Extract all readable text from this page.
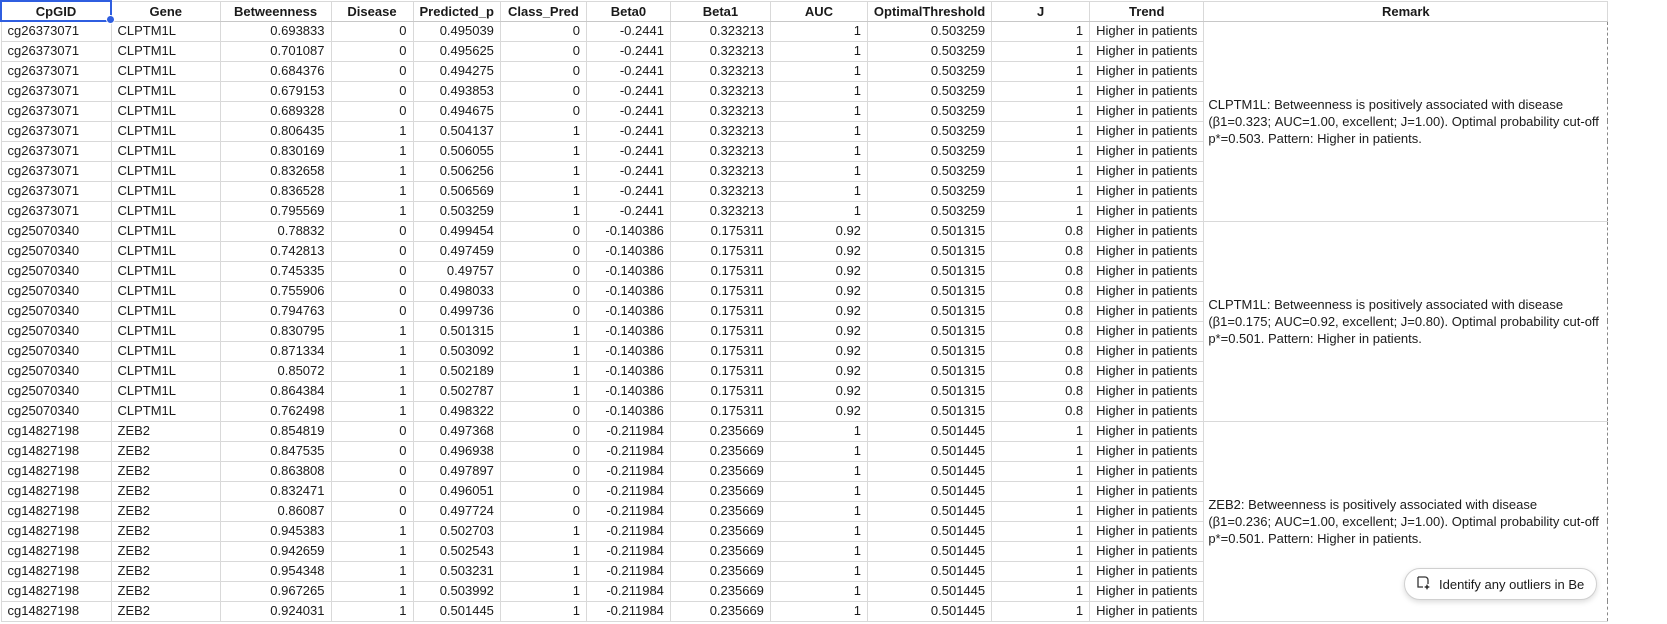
CpGID	Gene	Betweenness	Disease	Predicted_p	Class_Pred	Beta0	Beta1	AUC	OptimalThreshold	J	Trend	Remark
cg26373071	CLPTM1L	0.693833	0	0.495039	0	-0.2441	0.323213	1	0.503259	1	Higher in patients	CLPTM1L: Betweenness is positively associated with disease (β1=0.323; AUC=1.00, excellent; J=1.00). Optimal probability cut-off p*=0.503. Pattern: Higher in patients.
cg26373071	CLPTM1L	0.701087	0	0.495625	0	-0.2441	0.323213	1	0.503259	1	Higher in patients	
cg26373071	CLPTM1L	0.684376	0	0.494275	0	-0.2441	0.323213	1	0.503259	1	Higher in patients	
cg26373071	CLPTM1L	0.679153	0	0.493853	0	-0.2441	0.323213	1	0.503259	1	Higher in patients	
cg26373071	CLPTM1L	0.689328	0	0.494675	0	-0.2441	0.323213	1	0.503259	1	Higher in patients	
cg26373071	CLPTM1L	0.806435	1	0.504137	1	-0.2441	0.323213	1	0.503259	1	Higher in patients	
cg26373071	CLPTM1L	0.830169	1	0.506055	1	-0.2441	0.323213	1	0.503259	1	Higher in patients	
cg26373071	CLPTM1L	0.832658	1	0.506256	1	-0.2441	0.323213	1	0.503259	1	Higher in patients	
cg26373071	CLPTM1L	0.836528	1	0.506569	1	-0.2441	0.323213	1	0.503259	1	Higher in patients	
cg26373071	CLPTM1L	0.795569	1	0.503259	1	-0.2441	0.323213	1	0.503259	1	Higher in patients	
cg25070340	CLPTM1L	0.78832	0	0.499454	0	-0.140386	0.175311	0.92	0.501315	0.8	Higher in patients	CLPTM1L: Betweenness is positively associated with disease (β1=0.175; AUC=0.92, excellent; J=0.80). Optimal probability cut-off p*=0.501. Pattern: Higher in patients.
cg25070340	CLPTM1L	0.742813	0	0.497459	0	-0.140386	0.175311	0.92	0.501315	0.8	Higher in patients	
cg25070340	CLPTM1L	0.745335	0	0.49757	0	-0.140386	0.175311	0.92	0.501315	0.8	Higher in patients	
cg25070340	CLPTM1L	0.755906	0	0.498033	0	-0.140386	0.175311	0.92	0.501315	0.8	Higher in patients	
cg25070340	CLPTM1L	0.794763	0	0.499736	0	-0.140386	0.175311	0.92	0.501315	0.8	Higher in patients	
cg25070340	CLPTM1L	0.830795	1	0.501315	1	-0.140386	0.175311	0.92	0.501315	0.8	Higher in patients	
cg25070340	CLPTM1L	0.871334	1	0.503092	1	-0.140386	0.175311	0.92	0.501315	0.8	Higher in patients	
cg25070340	CLPTM1L	0.85072	1	0.502189	1	-0.140386	0.175311	0.92	0.501315	0.8	Higher in patients	
cg25070340	CLPTM1L	0.864384	1	0.502787	1	-0.140386	0.175311	0.92	0.501315	0.8	Higher in patients	
cg25070340	CLPTM1L	0.762498	1	0.498322	0	-0.140386	0.175311	0.92	0.501315	0.8	Higher in patients	
cg14827198	ZEB2	0.854819	0	0.497368	0	-0.211984	0.235669	1	0.501445	1	Higher in patients	ZEB2: Betweenness is positively associated with disease (β1=0.236; AUC=1.00, excellent; J=1.00). Optimal probability cut-off p*=0.501. Pattern: Higher in patients.
cg14827198	ZEB2	0.847535	0	0.496938	0	-0.211984	0.235669	1	0.501445	1	Higher in patients	
cg14827198	ZEB2	0.863808	0	0.497897	0	-0.211984	0.235669	1	0.501445	1	Higher in patients	
cg14827198	ZEB2	0.832471	0	0.496051	0	-0.211984	0.235669	1	0.501445	1	Higher in patients	
cg14827198	ZEB2	0.86087	0	0.497724	0	-0.211984	0.235669	1	0.501445	1	Higher in patients	
cg14827198	ZEB2	0.945383	1	0.502703	1	-0.211984	0.235669	1	0.501445	1	Higher in patients	
cg14827198	ZEB2	0.942659	1	0.502543	1	-0.211984	0.235669	1	0.501445	1	Higher in patients	
cg14827198	ZEB2	0.954348	1	0.503231	1	-0.211984	0.235669	1	0.501445	1	Higher in patients	
cg14827198	ZEB2	0.967265	1	0.503992	1	-0.211984	0.235669	1	0.501445	1	Higher in patients	
cg14827198	ZEB2	0.924031	1	0.501445	1	-0.211984	0.235669	1	0.501445	1	Higher in patients	
Identify any outliers in Be
